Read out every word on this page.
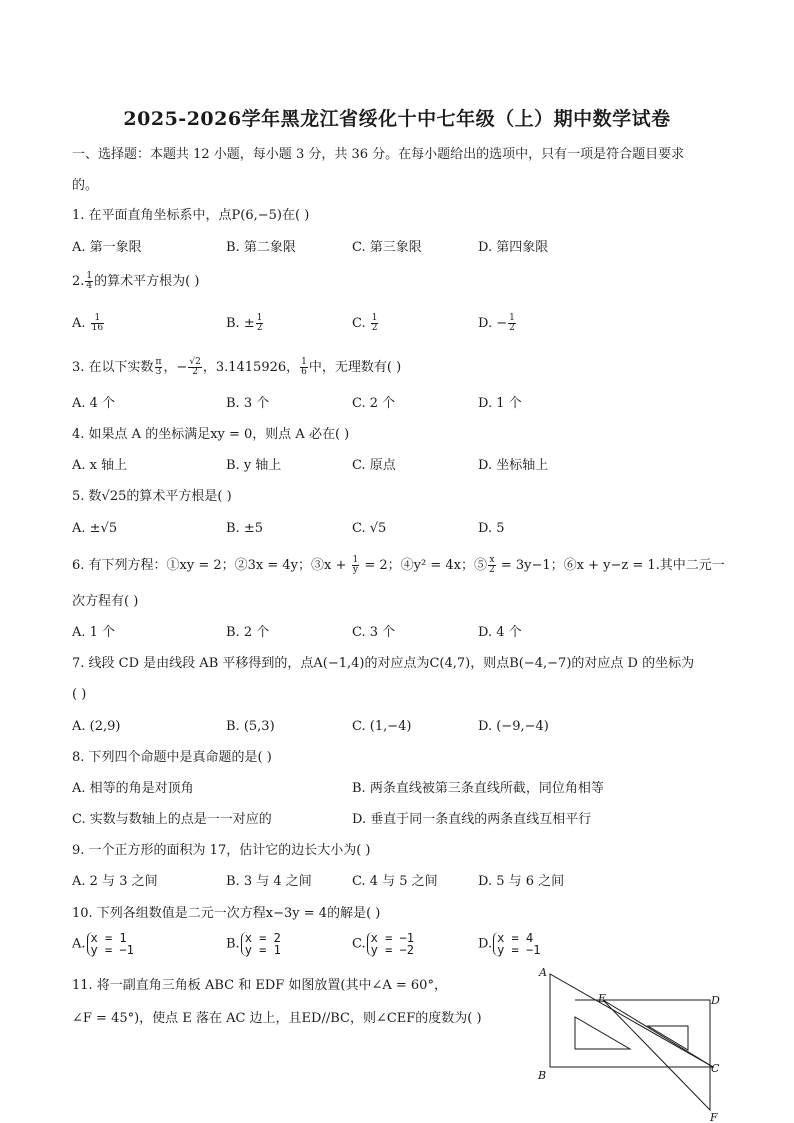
2025-2026学年黑龙江省绥化十中七年级（上）期中数学试卷
一、选择题：本题共 12 小题，每小题 3 分，共 36 分。在每小题给出的选项中，只有一项是符合题目要求
的。
1. 在平面直角坐标系中，点P(6,−5)在( )
A. 第一象限	B. 第二象限	C. 第三象限	D. 第四象限
2. $\frac{1}{4}$ 的算术平方根为( )
A. $\frac{1}{16}$	B. ± $\frac{1}{2}$	C. $\frac{1}{2}$	D. − $\frac{1}{2}$
3. 在以下实数 $\frac{\pi}{3}$ ，− $\frac{√2}{2}$ ，3.1415926， $\frac{1}{6}$ 中，无理数有( )
A. 4 个	B. 3 个	C. 2 个	D. 1 个
4. 如果点 A 的坐标满足xy = 0，则点 A 必在( )
A. x 轴上	B. y 轴上	C. 原点	D. 坐标轴上
5. 数√25的算术平方根是( )
A. ±√5	B. ±5	C. √5	D. 5
6. 有下列方程：①xy = 2；②3x = 4y；③x + $\frac{1}{y} = 2$；④y² = 4x；⑤ $\frac{x}{2} = 3y-1$；⑥x + y−z = 1.其中二元一
次方程有( )
A. 1 个	B. 2 个	C. 3 个	D. 4 个
7. 线段 CD 是由线段 AB 平移得到的，点A(−1,4)的对应点为C(4,7)，则点B(−4,−7)的对应点 D 的坐标为
( )
A. (2,9)	B. (5,3)	C. (1,−4)	D. (−9,−4)
8. 下列四个命题中是真命题的是( )
A. 相等的角是对顶角	B. 两条直线被第三条直线所截，同位角相等
C. 实数与数轴上的点是一一对应的	D. 垂直于同一条直线的两条直线互相平行
9. 一个正方形的面积为 17，估计它的边长大小为( )
A. 2 与 3 之间	B. 3 与 4 之间	C. 4 与 5 之间	D. 5 与 6 之间
10. 下列各组数值是二元一次方程x−3y = 4的解是( )
A. x = 1
y = −1	B. x = 2
y = 1	C. x = −1
y = −2	D. x = 4
y = −1
11. 将一副直角三角板 ABC 和 EDF 如图放置(其中∠A = 60°，
∠F = 45°)，使点 E 落在 AC 边上，且ED//BC，则∠CEF的度数为( )
A
B
C
D
E
F
